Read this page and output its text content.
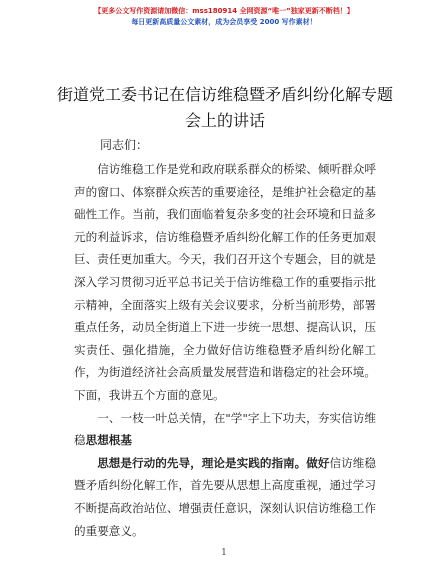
【更多公文写作资源请加微信：mss180914 全网资源“唯一”独家更新不断档！】
每日更新高质量公文素材，成为会员享受 2000 写作素材！
街道党工委书记在信访维稳暨矛盾纠纷化解专题会上的讲话
同志们：

信访维稳工作是党和政府联系群众的桥梁、倾听群众呼声的窗口、体察群众疾苦的重要途径，是维护社会稳定的基础性工作。当前，我们面临着复杂多变的社会环境和日益多元的利益诉求，信访维稳暨矛盾纠纷化解工作的任务更加艰巨、责任更加重大。今天，我们召开这个专题会，目的就是深入学习贯彻习近平总书记关于信访维稳工作的重要指示批示精神，全面落实上级有关会议要求，分析当前形势，部署重点任务，动员全街道上下进一步统一思想、提高认识，压实责任、强化措施，全力做好信访维稳暨矛盾纠纷化解工作，为街道经济社会高质量发展营造和谐稳定的社会环境。下面，我讲五个方面的意见。

一、一枝一叶总关情，在"学"字上下功夫，夯实信访维稳思想根基

思想是行动的先导，理论是实践的指南。做好信访维稳暨矛盾纠纷化解工作，首先要从思想上高度重视，通过学习不断提高政治站位、增强责任意识，深刻认识信访维稳工作的重要意义。

1
